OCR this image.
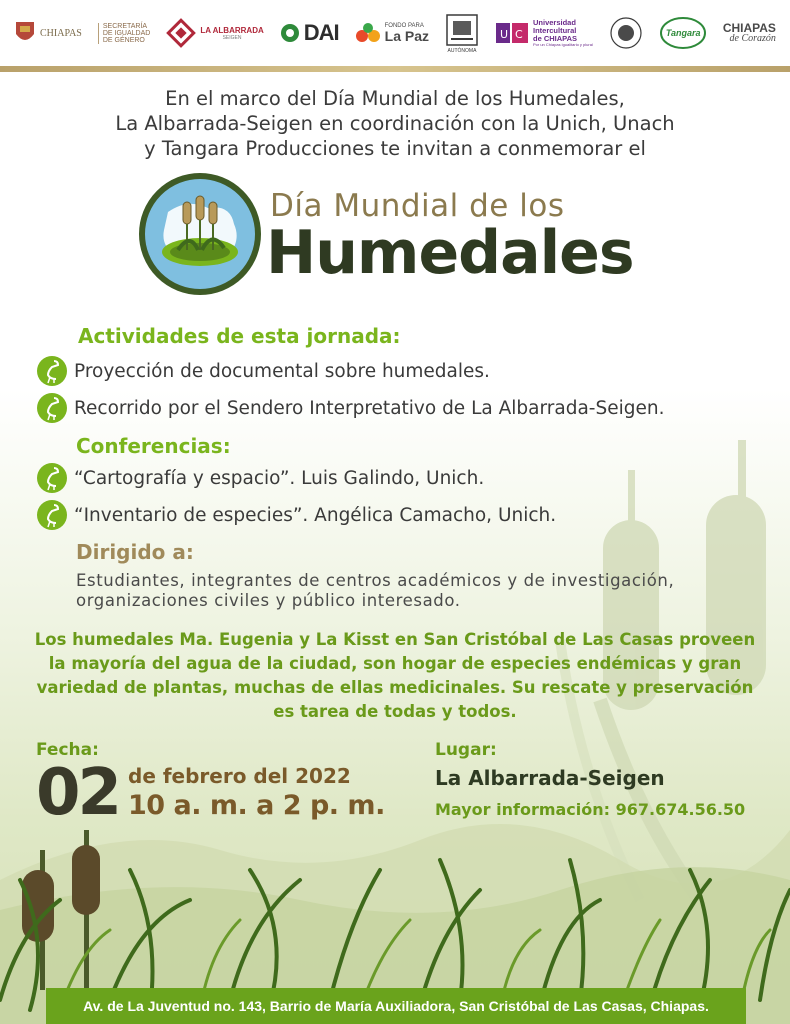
CHIAPAS
SECRETARÍA
DE IGUALDAD
DE GÉNERO
LA ALBARRADA
SEIGEN	DAI	FONDO PARA
La Paz
AUTÓNOMA
U C
Universidad
Intercultural
de CHIAPAS
Por un Chiapas igualitario y plural
Tangara CHIAPAS
de Corazón
En el marco del Día Mundial de los Humedales,
La Albarrada-Seigen en coordinación con la Unich, Unach
y Tangara Producciones te invitan a conmemorar el
Día Mundial de los
Humedales
Actividades de esta jornada:
Proyección de documental sobre humedales.
Recorrido por el Sendero Interpretativo de La Albarrada-Seigen.
Conferencias:
“Cartografía y espacio”. Luis Galindo, Unich.
“Inventario de especies”. Angélica Camacho, Unich.
Dirigido a:
Estudiantes, integrantes de centros académicos y de investigación,
organizaciones civiles y público interesado.
Los humedales Ma. Eugenia y La Kisst en San Cristóbal de Las Casas proveen
la mayoría del agua de la ciudad, son hogar de especies endémicas y gran
variedad de plantas, muchas de ellas medicinales. Su rescate y preservación
es tarea de todas y todos.
Fecha:
02 de febrero del 2022
10 a. m. a 2 p. m.
Lugar:
La Albarrada-Seigen
Mayor información: 967.674.56.50
Av. de La Juventud no. 143, Barrio de María Auxiliadora, San Cristóbal de Las Casas, Chiapas.
